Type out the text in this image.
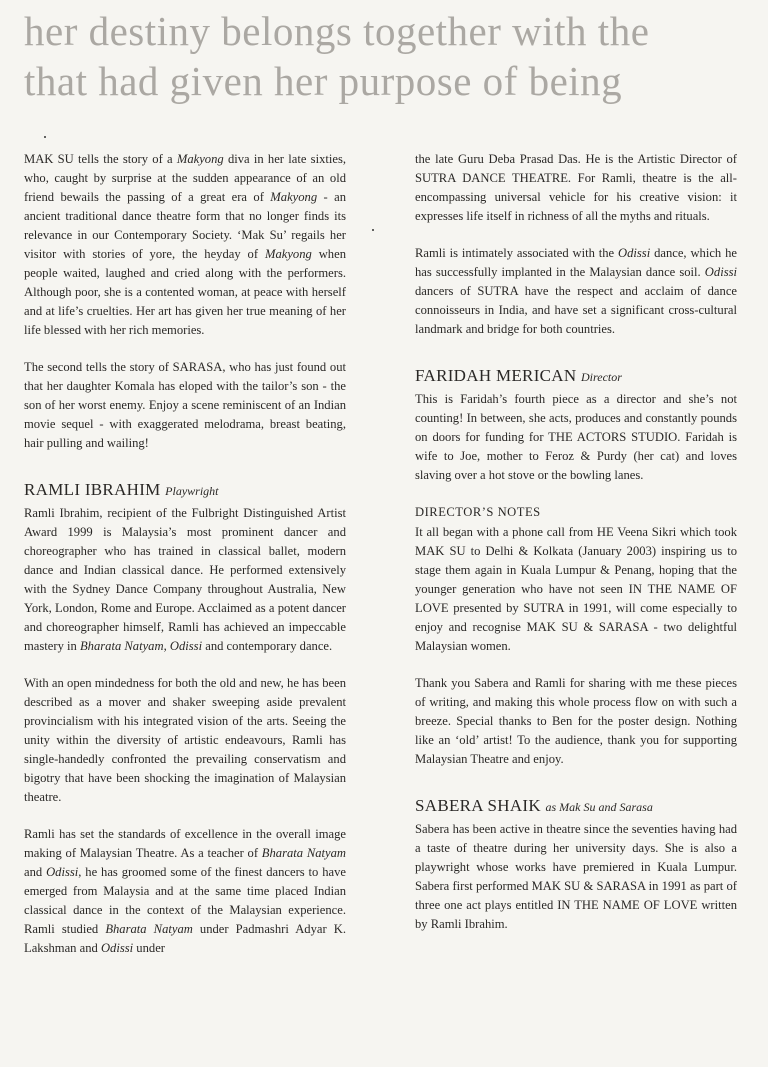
her destiny belongs together with the
that had given her purpose of being

MAK SU tells the story of a Makyong diva in her late sixties, who, caught by surprise at the sudden appearance of an old friend bewails the passing of a great era of Makyong - an ancient traditional dance theatre form that no longer finds its relevance in our Contemporary Society. ‘Mak Su’ regails her visitor with stories of yore, the heyday of Makyong when people waited, laughed and cried along with the performers. Although poor, she is a contented woman, at peace with herself and at life’s cruelties. Her art has given her true meaning of her life blessed with her rich memories.

The second tells the story of SARASA, who has just found out that her daughter Komala has eloped with the tailor’s son - the son of her worst enemy. Enjoy a scene reminiscent of an Indian movie sequel - with exaggerated melodrama, breast beating, hair pulling and wailing!

RAMLI IBRAHIM Playwright

Ramli Ibrahim, recipient of the Fulbright Distinguished Artist Award 1999 is Malaysia’s most prominent dancer and choreographer who has trained in classical ballet, modern dance and Indian classical dance. He performed extensively with the Sydney Dance Company throughout Australia, New York, London, Rome and Europe. Acclaimed as a potent dancer and choreographer himself, Ramli has achieved an impeccable mastery in Bharata Natyam, Odissi and contemporary dance.

With an open mindedness for both the old and new, he has been described as a mover and shaker sweeping aside prevalent provincialism with his integrated vision of the arts. Seeing the unity within the diversity of artistic endeavours, Ramli has single-handedly confronted the prevailing conservatism and bigotry that have been shocking the imagination of Malaysian theatre.

Ramli has set the standards of excellence in the overall image making of Malaysian Theatre. As a teacher of Bharata Natyam and Odissi, he has groomed some of the finest dancers to have emerged from Malaysia and at the same time placed Indian classical dance in the context of the Malaysian experience. Ramli studied Bharata Natyam under Padmashri Adyar K. Lakshman and Odissi under

the late Guru Deba Prasad Das. He is the Artistic Director of SUTRA DANCE THEATRE. For Ramli, theatre is the all-encompassing universal vehicle for his creative vision: it expresses life itself in richness of all the myths and rituals.

Ramli is intimately associated with the Odissi dance, which he has successfully implanted in the Malaysian dance soil. Odissi dancers of SUTRA have the respect and acclaim of dance connoisseurs in India, and have set a significant cross-cultural landmark and bridge for both countries.

FARIDAH MERICAN Director

This is Faridah’s fourth piece as a director and she’s not counting! In between, she acts, produces and constantly pounds on doors for funding for THE ACTORS STUDIO. Faridah is wife to Joe, mother to Feroz & Purdy (her cat) and loves slaving over a hot stove or the bowling lanes.

DIRECTOR’S NOTES

It all began with a phone call from HE Veena Sikri which took MAK SU to Delhi & Kolkata (January 2003) inspiring us to stage them again in Kuala Lumpur & Penang, hoping that the younger generation who have not seen IN THE NAME OF LOVE presented by SUTRA in 1991, will come especially to enjoy and recognise MAK SU & SARASA - two delightful Malaysian women.

Thank you Sabera and Ramli for sharing with me these pieces of writing, and making this whole process flow on with such a breeze. Special thanks to Ben for the poster design. Nothing like an ‘old’ artist! To the audience, thank you for supporting Malaysian Theatre and enjoy.

SABERA SHAIK as Mak Su and Sarasa

Sabera has been active in theatre since the seventies having had a taste of theatre during her university days. She is also a playwright whose works have premiered in Kuala Lumpur. Sabera first performed MAK SU & SARASA in 1991 as part of three one act plays entitled IN THE NAME OF LOVE written by Ramli Ibrahim.
